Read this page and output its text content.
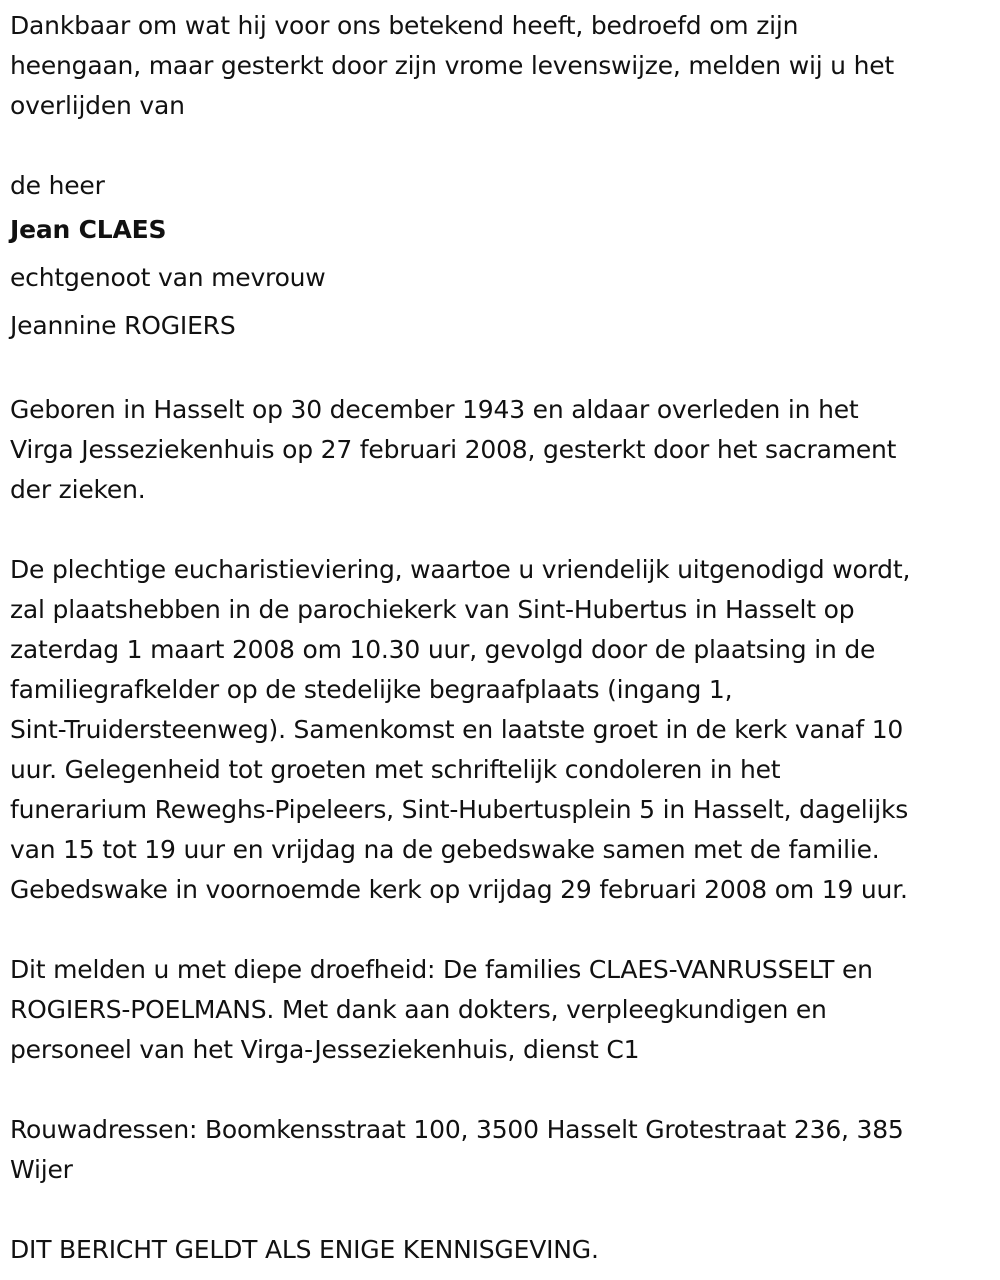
Dankbaar om wat hij voor ons betekend heeft, bedroefd om zijn

heengaan, maar gesterkt door zijn vrome levenswijze, melden wij u het

overlijden van

de heer

Jean CLAES

echtgenoot van mevrouw

Jeannine ROGIERS

Geboren in Hasselt op 30 december 1943 en aldaar overleden in het

Virga Jesseziekenhuis op 27 februari 2008, gesterkt door het sacrament

der zieken.

De plechtige eucharistieviering, waartoe u vriendelijk uitgenodigd wordt,

zal plaatshebben in de parochiekerk van Sint-Hubertus in Hasselt op

zaterdag 1 maart 2008 om 10.30 uur, gevolgd door de plaatsing in de

familiegrafkelder op de stedelijke begraafplaats (ingang 1,

Sint-Truidersteenweg). Samenkomst en laatste groet in de kerk vanaf 10

uur. Gelegenheid tot groeten met schriftelijk condoleren in het

funerarium Reweghs-Pipeleers, Sint-Hubertusplein 5 in Hasselt, dagelijks

van 15 tot 19 uur en vrijdag na de gebedswake samen met de familie.

Gebedswake in voornoemde kerk op vrijdag 29 februari 2008 om 19 uur.

Dit melden u met diepe droefheid: De families CLAES-VANRUSSELT en

ROGIERS-POELMANS. Met dank aan dokters, verpleegkundigen en

personeel van het Virga-Jesseziekenhuis, dienst C1

Rouwadressen: Boomkensstraat 100, 3500 Hasselt Grotestraat 236, 385

Wijer

DIT BERICHT GELDT ALS ENIGE KENNISGEVING.
